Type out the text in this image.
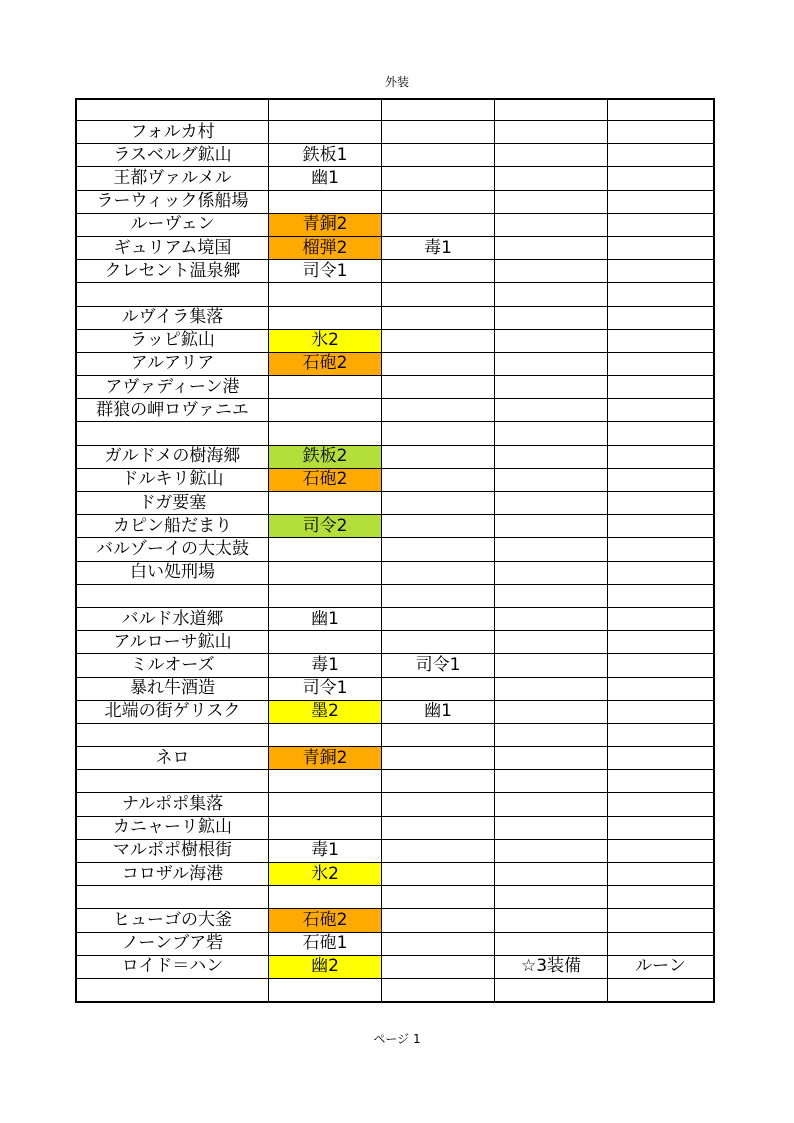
外装

フォルカ村				
ラスベルグ鉱山	鉄板1			
王都ヴァルメル	幽1			
ラーウィック係船場				
ルーヴェン	青銅2			
ギュリアム境国	榴弾2	毒1		
クレセント温泉郷	司令1			

ルヴイラ集落				
ラッピ鉱山	氷2			
アルアリア	石砲2			
アヴァディーン港				
群狼の岬ロヴァニエ				

ガルドメの樹海郷	鉄板2			
ドルキリ鉱山	石砲2			
ドガ要塞				
カピン船だまり	司令2			
バルゾーイの大太鼓				
白い処刑場				

バルド水道郷	幽1			
アルローサ鉱山				
ミルオーズ	毒1	司令1		
暴れ牛酒造	司令1			
北端の街ゲリスク	墨2	幽1		

ネロ	青銅2			

ナルポポ集落				
カニャーリ鉱山				
マルポポ樹根街	毒1			
コロザル海港	氷2			

ヒューゴの大釜	石砲2			
ノーンブア砦	石砲1			
ロイド＝ハン	幽2		☆3装備	ルーン

ページ 1
